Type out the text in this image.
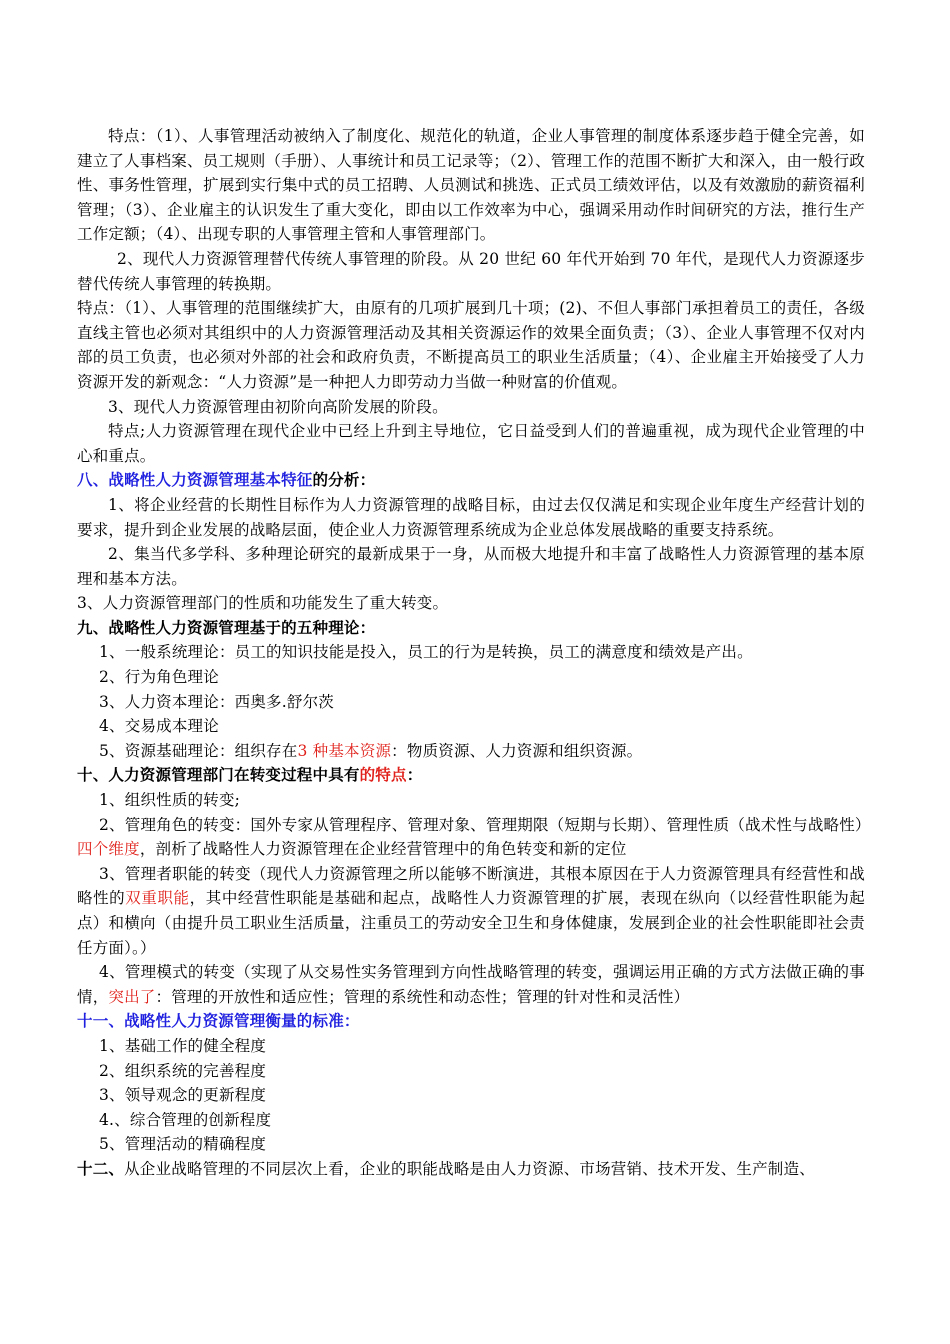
特点：（1）、人事管理活动被纳入了制度化、规范化的轨道，企业人事管理的制度体系逐步趋于健全完善，如建立了人事档案、员工规则（手册）、人事统计和员工记录等；（2）、管理工作的范围不断扩大和深入，由一般行政性、事务性管理，扩展到实行集中式的员工招聘、人员测试和挑选、正式员工绩效评估，以及有效激励的薪资福利管理；（3）、企业雇主的认识发生了重大变化，即由以工作效率为中心，强调采用动作时间研究的方法，推行生产工作定额；（4）、出现专职的人事管理主管和人事管理部门。

2、现代人力资源管理替代传统人事管理的阶段。从 20 世纪 60 年代开始到 70 年代，是现代人力资源逐步替代传统人事管理的转换期。

特点：（1）、人事管理的范围继续扩大，由原有的几项扩展到几十项；(2)、不但人事部门承担着员工的责任，各级直线主管也必须对其组织中的人力资源管理活动及其相关资源运作的效果全面负责；（3）、企业人事管理不仅对内部的员工负责，也必须对外部的社会和政府负责，不断提高员工的职业生活质量；（4）、企业雇主开始接受了人力资源开发的新观念：“人力资源”是一种把人力即劳动力当做一种财富的价值观。

3、现代人力资源管理由初阶向高阶发展的阶段。

特点;人力资源管理在现代企业中已经上升到主导地位，它日益受到人们的普遍重视，成为现代企业管理的中心和重点。

八、战略性人力资源管理基本特征的分析：

1、将企业经营的长期性目标作为人力资源管理的战略目标，由过去仅仅满足和实现企业年度生产经营计划的要求，提升到企业发展的战略层面，使企业人力资源管理系统成为企业总体发展战略的重要支持系统。

2、集当代多学科、多种理论研究的最新成果于一身，从而极大地提升和丰富了战略性人力资源管理的基本原理和基本方法。

3、人力资源管理部门的性质和功能发生了重大转变。

九、战略性人力资源管理基于的五种理论：

1、一般系统理论：员工的知识技能是投入，员工的行为是转换，员工的满意度和绩效是产出。

2、行为角色理论

3、人力资本理论：西奥多.舒尔茨

4、交易成本理论

5、资源基础理论：组织存在3 种基本资源：物质资源、人力资源和组织资源。

十、人力资源管理部门在转变过程中具有的特点：

1、组织性质的转变;

2、管理角色的转变：国外专家从管理程序、管理对象、管理期限（短期与长期）、管理性质（战术性与战略性）四个维度，剖析了战略性人力资源管理在企业经营管理中的角色转变和新的定位

3、管理者职能的转变（现代人力资源管理之所以能够不断演进，其根本原因在于人力资源管理具有经营性和战略性的双重职能，其中经营性职能是基础和起点，战略性人力资源管理的扩展，表现在纵向（以经营性职能为起点）和横向（由提升员工职业生活质量，注重员工的劳动安全卫生和身体健康，发展到企业的社会性职能即社会责任方面）。）

4、管理模式的转变（实现了从交易性实务管理到方向性战略管理的转变，强调运用正确的方式方法做正确的事情，突出了：管理的开放性和适应性；管理的系统性和动态性；管理的针对性和灵活性）

十一、战略性人力资源管理衡量的标准：

1、基础工作的健全程度

2、组织系统的完善程度

3、领导观念的更新程度

4.、综合管理的创新程度

5、管理活动的精确程度

十二、从企业战略管理的不同层次上看，企业的职能战略是由人力资源、市场营销、技术开发、生产制造、
